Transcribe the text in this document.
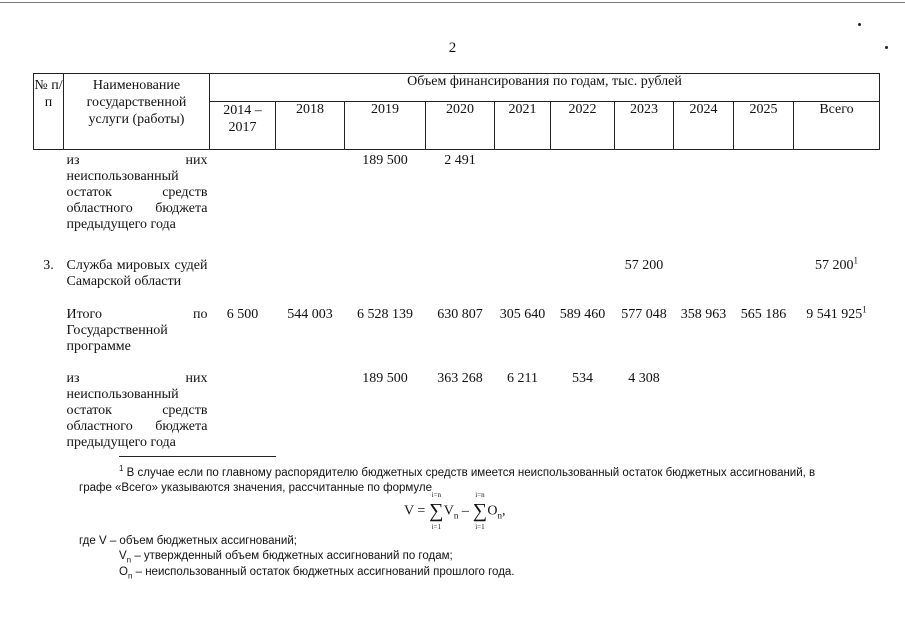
2
№ п/п	Наименование государственной услуги (работы)	Объем финансирования по годам, тыс. рублей									
		2014 – 2017	2018	2019	2020	2021	2022	2023	2024	2025	Всего
	из них неиспользованный остаток средств областного бюджета предыдущего года			189 500	2 491						
3.	Служба мировых судей Самарской области							57 200			57 $200^1$
	Итого по Государственной программе	6 500	544 003	6 528 139	630 807	305 640	589 460	577 048	358 963	565 186	9 541 $925^1$
	из них неиспользованный остаток средств областного бюджета предыдущего года			189 500	363 268	6 211	534	4 308			
$^1$ В случае если по главному распорядителю бюджетных средств имеется неиспользованный остаток бюджетных ассигнований, в
графе «Всего» указываются значения, рассчитанные по формуле
V = ∑
i=n
i=1
$V_n$ – ∑
i=n
i=1
$O_n$,
где V – объем бюджетных ассигнований;
$V_n$ – утвержденный объем бюджетных ассигнований по годам;
$O_n$ – неиспользованный остаток бюджетных ассигнований прошлого года.
